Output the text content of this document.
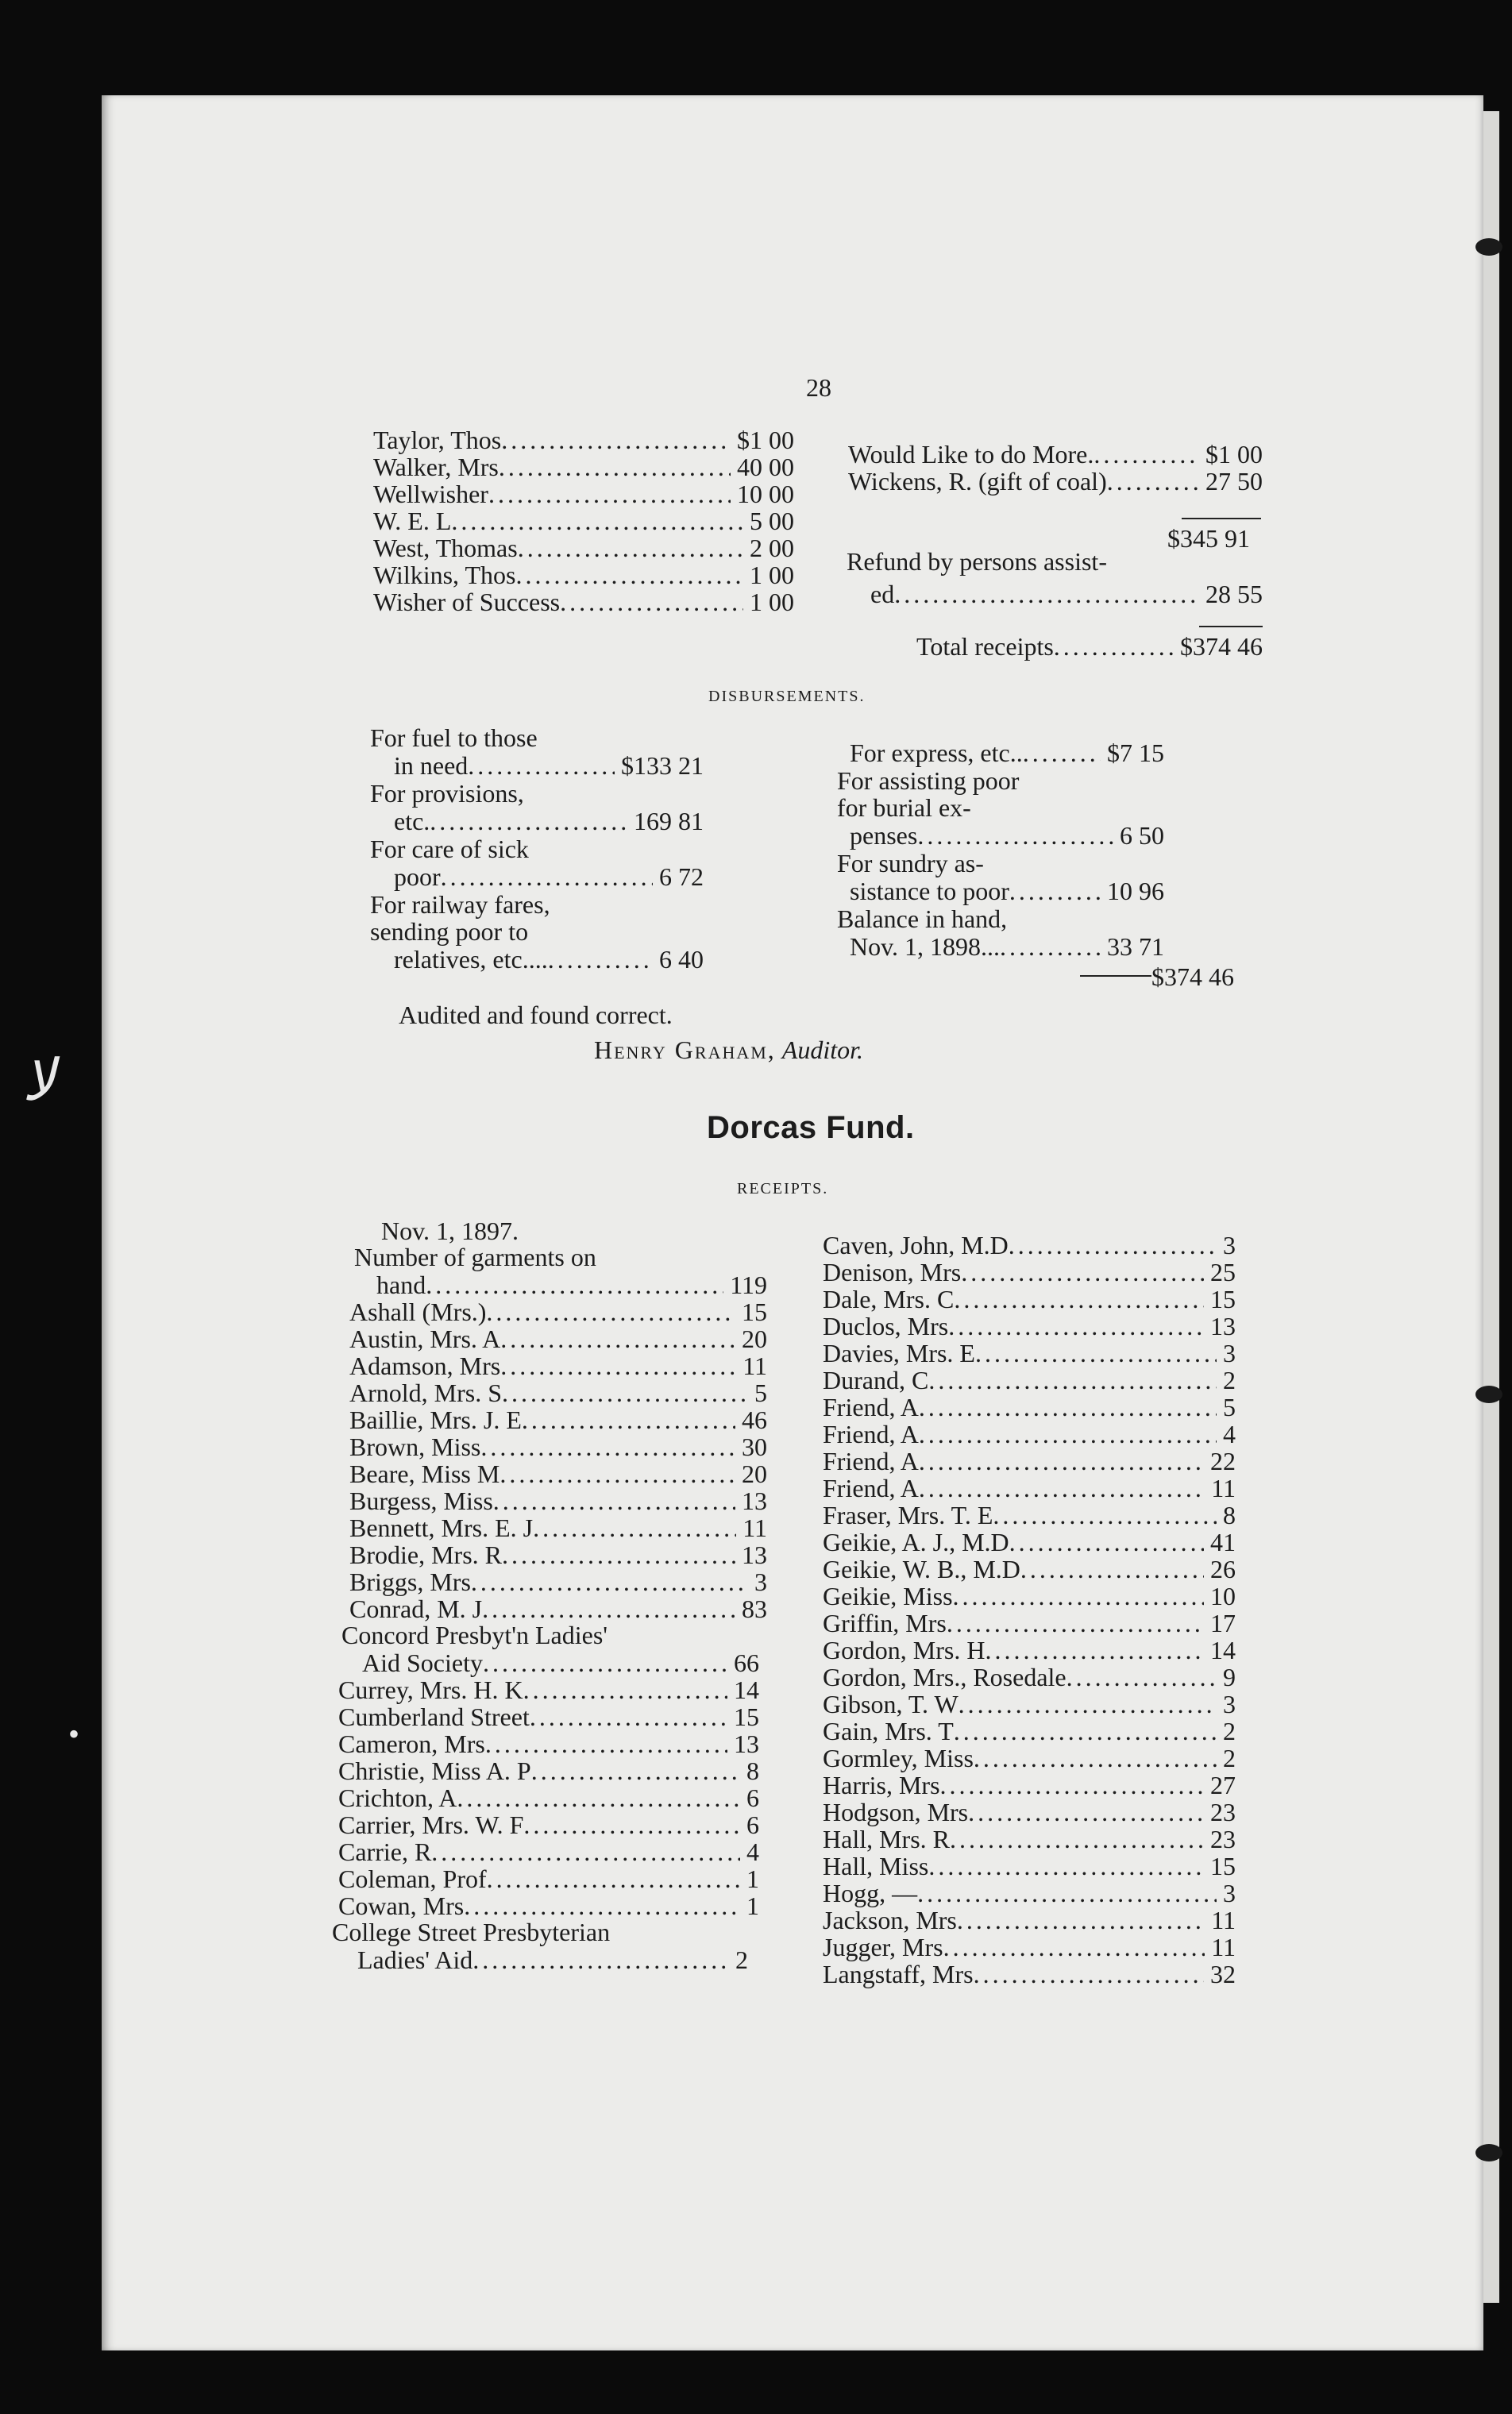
ﻻ
•
28
Taylor, Thos .....	$1 00
Walker, Mrs .....	40 00
Wellwisher .....	10 00
W. E. L .....	5 00
West, Thomas .....	2 00
Wilkins, Thos .....	1 00
Wisher of Success .....	1 00
Would Like to do More. .....	$1 00
Wickens, R. (gift of coal) .....	27 50
$345 91
Refund by persons assist-
ed .....	28 55
Total receipts .....	$374 46
DISBURSEMENTS.
For fuel to those
in need .....	$133 21
For provisions,
etc. .....	169 81
For care of sick
poor .....	6 72
For railway fares,
sending poor to
relatives, etc.... .....	6 40
For express, etc.. .....	$7 15
For assisting poor
for burial ex-
penses .....	6 50
For sundry as-
sistance to poor .....	10 96
Balance in hand,
Nov. 1, 1898... .....	33 71
$374 46
Audited and found correct.
Henry Graham, Auditor.
Dorcas Fund.
RECEIPTS.
Nov. 1, 1897.
Number of garments on
hand .....	119
Ashall (Mrs.) .....	15
Austin, Mrs. A .....	20
Adamson, Mrs .....	11
Arnold, Mrs. S .....	5
Baillie, Mrs. J. E .....	46
Brown, Miss .....	30
Beare, Miss M .....	20
Burgess, Miss .....	13
Bennett, Mrs. E. J .....	11
Brodie, Mrs. R .....	13
Briggs, Mrs .....	3
Conrad, M. J .....	83
Concord Presbyt'n Ladies'
Aid Society .....	66
Currey, Mrs. H. K .....	14
Cumberland Street .....	15
Cameron, Mrs .....	13
Christie, Miss A. P .....	8
Crichton, A .....	6
Carrier, Mrs. W. F .....	6
Carrie, R .....	4
Coleman, Prof .....	1
Cowan, Mrs .....	1
College Street Presbyterian
Ladies' Aid .....	2
Caven, John, M.D .....	3
Denison, Mrs .....	25
Dale, Mrs. C .....	15
Duclos, Mrs .....	13
Davies, Mrs. E .....	3
Durand, C .....	2
Friend, A .....	5
Friend, A .....	4
Friend, A .....	22
Friend, A .....	11
Fraser, Mrs. T. E .....	8
Geikie, A. J., M.D .....	41
Geikie, W. B., M.D .....	26
Geikie, Miss .....	10
Griffin, Mrs .....	17
Gordon, Mrs. H .....	14
Gordon, Mrs., Rosedale .....	9
Gibson, T. W .....	3
Gain, Mrs. T .....	2
Gormley, Miss .....	2
Harris, Mrs .....	27
Hodgson, Mrs .....	23
Hall, Mrs. R .....	23
Hall, Miss .....	15
Hogg, — .....	3
Jackson, Mrs .....	11
Jugger, Mrs .....	11
Langstaff, Mrs .....	32
